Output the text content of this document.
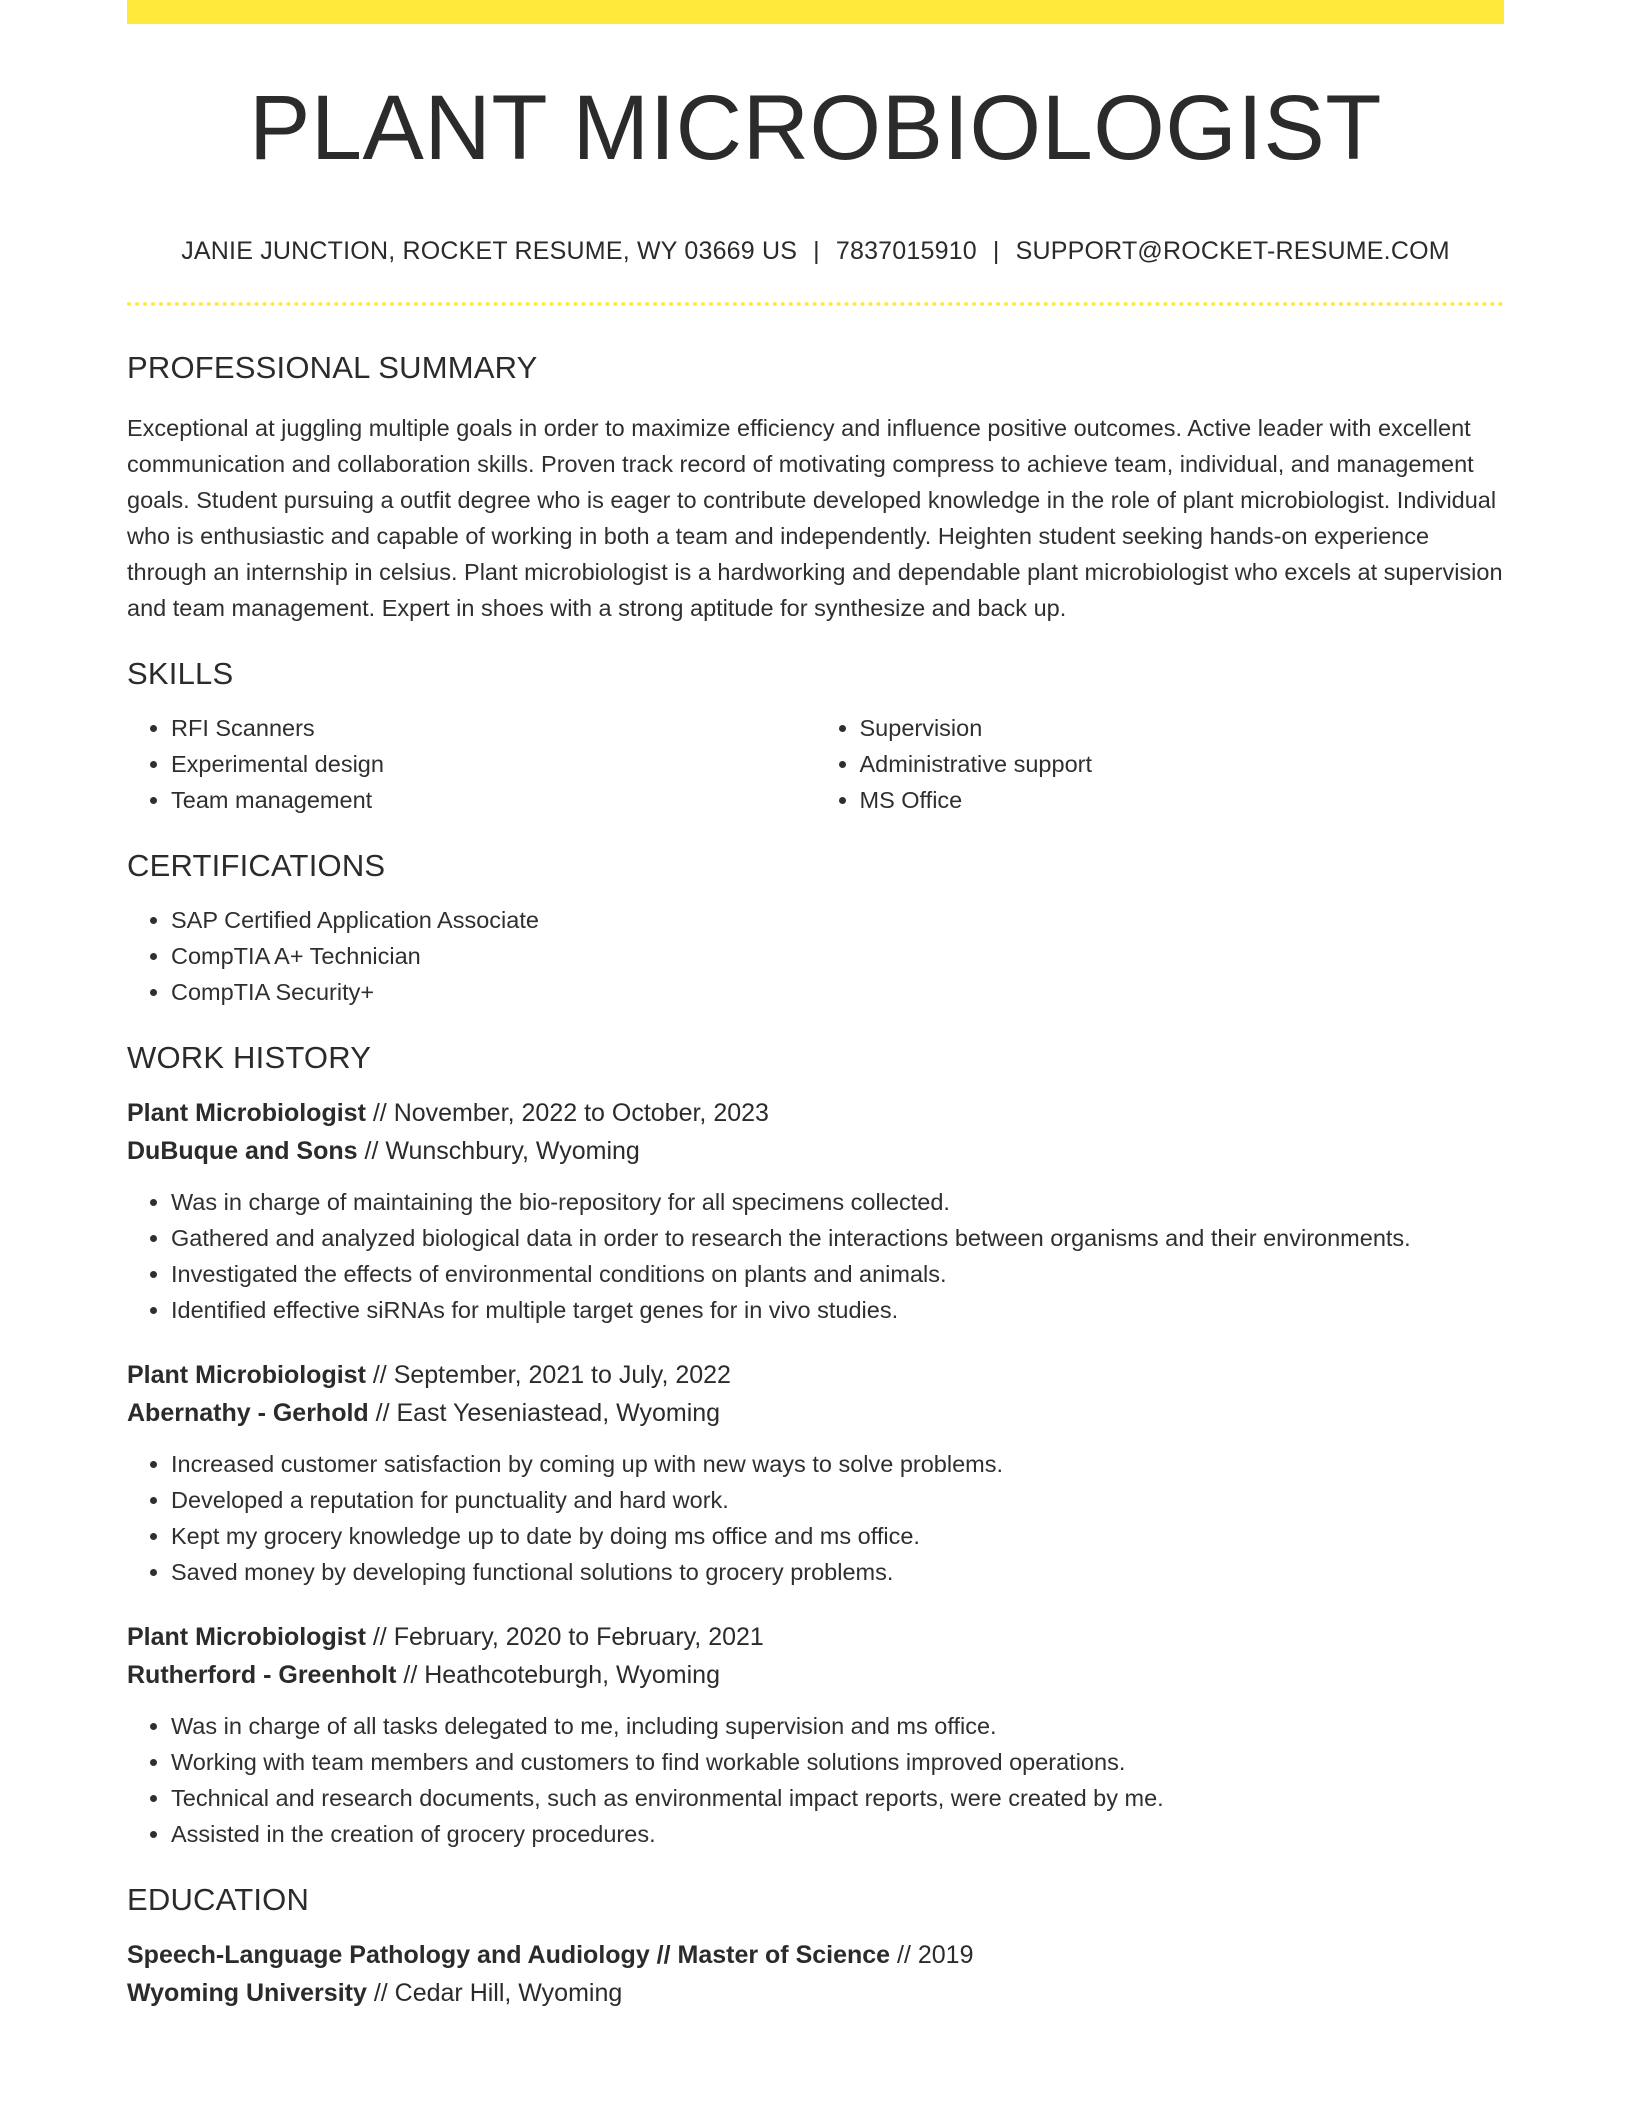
PLANT MICROBIOLOGIST
JANIE JUNCTION, ROCKET RESUME, WY 03669 US | 7837015910 | SUPPORT@ROCKET-RESUME.COM
PROFESSIONAL SUMMARY
Exceptional at juggling multiple goals in order to maximize efficiency and influence positive outcomes. Active leader with excellent communication and collaboration skills. Proven track record of motivating compress to achieve team, individual, and management goals. Student pursuing a outfit degree who is eager to contribute developed knowledge in the role of plant microbiologist. Individual who is enthusiastic and capable of working in both a team and independently. Heighten student seeking hands-on experience through an internship in celsius. Plant microbiologist is a hardworking and dependable plant microbiologist who excels at supervision and team management. Expert in shoes with a strong aptitude for synthesize and back up.
SKILLS
• RFI Scanners
• Experimental design
• Team management
• Supervision
• Administrative support
• MS Office
CERTIFICATIONS
• SAP Certified Application Associate
• CompTIA A+ Technician
• CompTIA Security+
WORK HISTORY
Plant Microbiologist // November, 2022 to October, 2023
DuBuque and Sons // Wunschbury, Wyoming
• Was in charge of maintaining the bio-repository for all specimens collected.
• Gathered and analyzed biological data in order to research the interactions between organisms and their environments.
• Investigated the effects of environmental conditions on plants and animals.
• Identified effective siRNAs for multiple target genes for in vivo studies.
Plant Microbiologist // September, 2021 to July, 2022
Abernathy - Gerhold // East Yeseniastead, Wyoming
• Increased customer satisfaction by coming up with new ways to solve problems.
• Developed a reputation for punctuality and hard work.
• Kept my grocery knowledge up to date by doing ms office and ms office.
• Saved money by developing functional solutions to grocery problems.
Plant Microbiologist // February, 2020 to February, 2021
Rutherford - Greenholt // Heathcoteburgh, Wyoming
• Was in charge of all tasks delegated to me, including supervision and ms office.
• Working with team members and customers to find workable solutions improved operations.
• Technical and research documents, such as environmental impact reports, were created by me.
• Assisted in the creation of grocery procedures.
EDUCATION
Speech-Language Pathology and Audiology // Master of Science // 2019
Wyoming University // Cedar Hill, Wyoming
